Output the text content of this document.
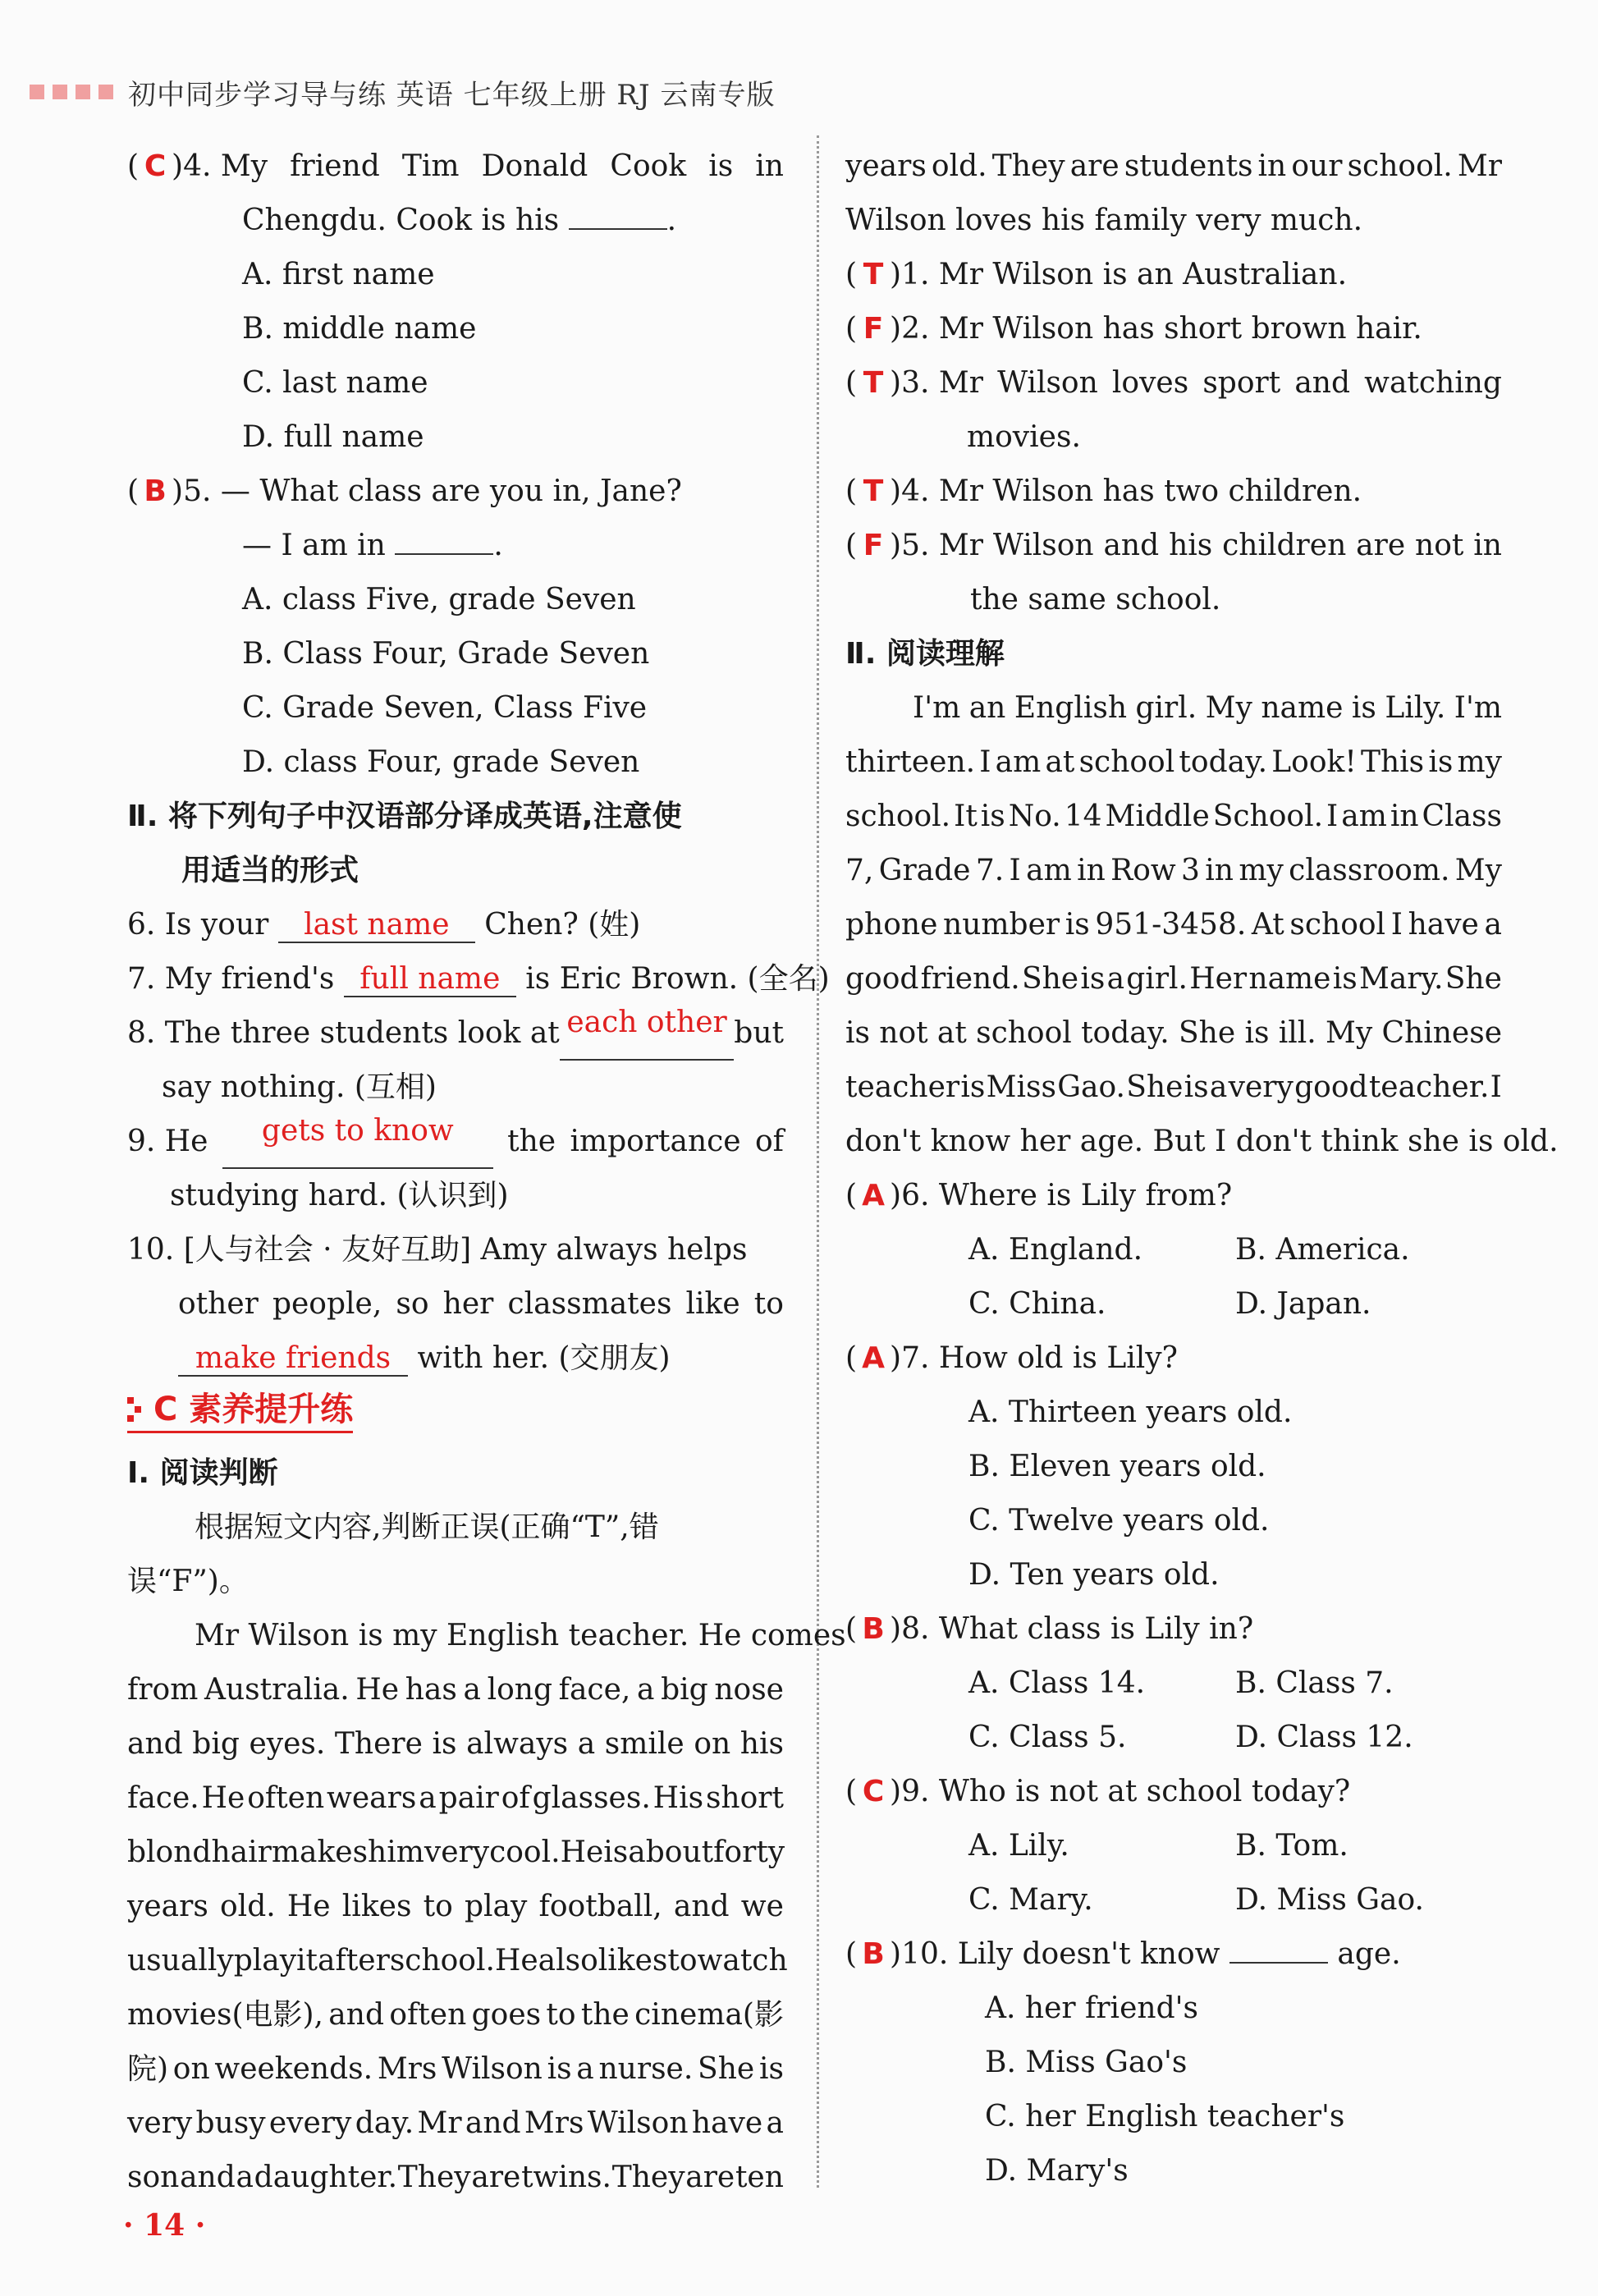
初中同步学习导与练 英语 七年级上册 RJ 云南专版
( C )4. My friend Tim Donald Cook is in
Chengdu. Cook is his	.
A. first name
B. middle name
C. last name
D. full name
( B )5. — What class are you in, Jane?
— I am in	.
A. class Five, grade Seven
B. Class Four, Grade Seven
C. Grade Seven, Class Five
D. class Four, grade Seven
Ⅱ. 将下列句子中汉语部分译成英语,注意使
用适当的形式
6. Is your last name Chen? (姓)
7. My friend's full name is Eric Brown. (全名)
8. The three students look at each other but
say nothing. (互相)
9. He	gets to know	the importance of
studying hard. (认识到)
10. [人与社会 · 友好互助] Amy always helps
other people, so her classmates like to
make friends with her. (交朋友)
C
素养提升练
Ⅰ. 阅读判断
根据短文内容,判断正误(正确“T”,错
误“F”)。
Mr Wilson is my English teacher. He comes
from Australia. He has a long face, a big nose
and big eyes. There is always a smile on his
face. He often wears a pair of glasses. His short
blond hair makes him very cool. He is about forty
years old. He likes to play football, and we
usually play it after school. He also likes to watch
movies(电影), and often goes to the cinema(影
院) on weekends. Mrs Wilson is a nurse. She is
very busy every day. Mr and Mrs Wilson have a
son and a daughter. They are twins. They are ten
years old. They are students in our school. Mr
Wilson loves his family very much.
( T )1. Mr Wilson is an Australian.
( F )2. Mr Wilson has short brown hair.
( T )3. Mr Wilson loves sport and watching
movies.
( T )4. Mr Wilson has two children.
( F )5. Mr Wilson and his children are not in
the same school.
Ⅱ. 阅读理解
I'm an English girl. My name is Lily. I'm
thirteen. I am at school today. Look! This is my
school. It is No. 14 Middle School. I am in Class
7, Grade 7. I am in Row 3 in my classroom. My
phone number is 951-3458. At school I have a
good friend. She is a girl. Her name is Mary. She
is not at school today. She is ill. My Chinese
teacher is Miss Gao. She is a very good teacher. I
don't know her age. But I don't think she is old.
( A )6. Where is Lily from?
A. England.	B. America.
C. China.	D. Japan.
( A )7. How old is Lily?
A. Thirteen years old.
B. Eleven years old.
C. Twelve years old.
D. Ten years old.
( B )8. What class is Lily in?
A. Class 14.	B. Class 7.
C. Class 5.	D. Class 12.
( C )9. Who is not at school today?
A. Lily.	B. Tom.
C. Mary.	D. Miss Gao.
( B )10. Lily doesn't know	age.
A. her friend's
B. Miss Gao's
C. her English teacher's
D. Mary's
· 14 ·
